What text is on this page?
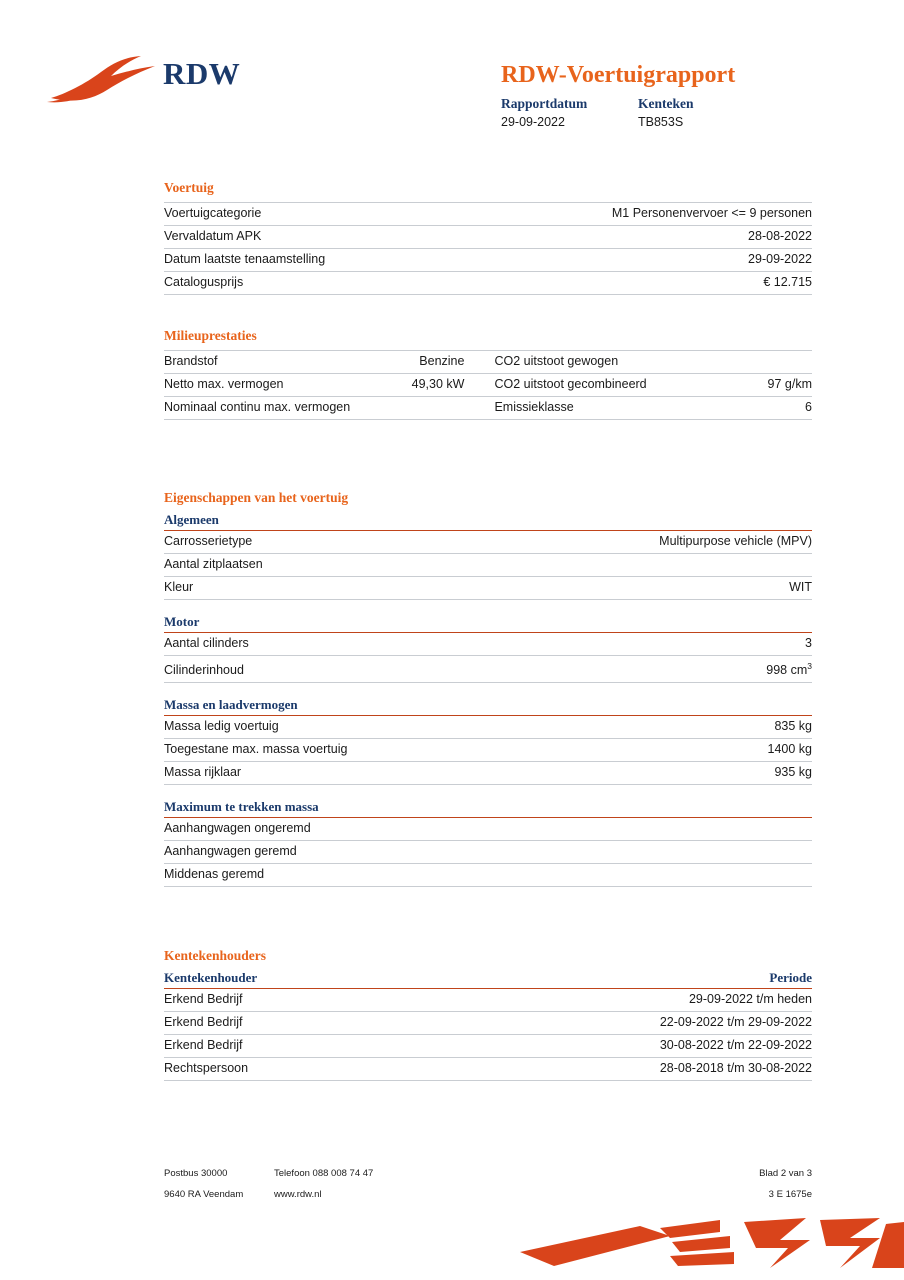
RDW	RDW-Voertuigrapport
Rapportdatum	Kenteken
29-09-2022	TB853S
Voertuig
Voertuigcategorie	M1 Personenvervoer <= 9 personen
Vervaldatum APK	28-08-2022
Datum laatste tenaamstelling	29-09-2022
Catalogusprijs	€ 12.715
Milieuprestaties
Brandstof	Benzine	CO2 uitstoot gewogen	
Netto max. vermogen	49,30 kW	CO2 uitstoot gecombineerd	97 g/km
Nominaal continu max. vermogen		Emissieklasse	6
Eigenschappen van het voertuig
Algemeen
Carrosserietype	Multipurpose vehicle (MPV)
Aantal zitplaatsen	
Kleur	WIT
Motor
Aantal cilinders	3
Cilinderinhoud	998 $cm^3$
Massa en laadvermogen
Massa ledig voertuig	835 kg
Toegestane max. massa voertuig	1400 kg
Massa rijklaar	935 kg
Maximum te trekken massa
Aanhangwagen ongeremd	
Aanhangwagen geremd	
Middenas geremd	
Kentekenhouders
Kentekenhouder	Periode
Erkend Bedrijf	29-09-2022 t/m heden
Erkend Bedrijf	22-09-2022 t/m 29-09-2022
Erkend Bedrijf	30-08-2022 t/m 22-09-2022
Rechtspersoon	28-08-2018 t/m 30-08-2022
Postbus 30000	Telefoon 088 008 74 47	Blad 2 van 3
9640 RA Veendam	www.rdw.nl	3 E 1675e
